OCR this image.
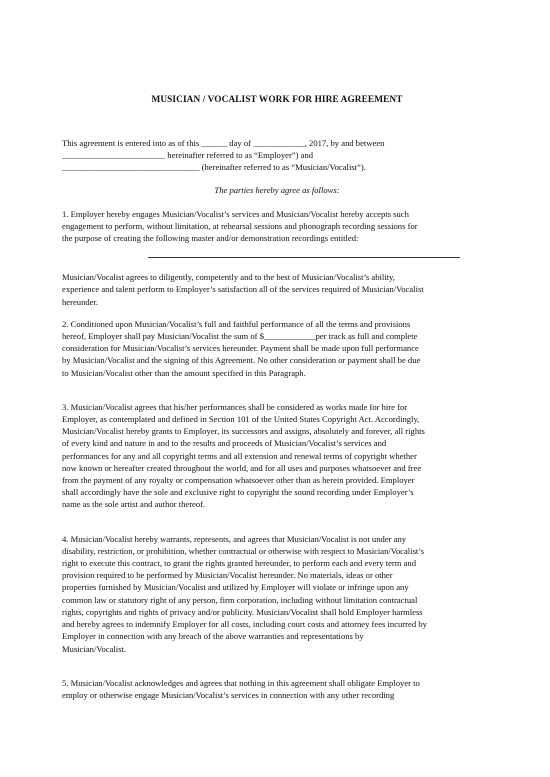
MUSICIAN / VOCALIST WORK FOR HIRE AGREEMENT

This agreement is entered into as of this ______ day of ____________, 2017, by and between
________________________ hereinafter referred to as “Employer”) and
________________________________ (hereinafter referred to as “Musician/Vocalist”).

The parties hereby agree as follows:

1. Employer hereby engages Musician/Vocalist’s services and Musician/Vocalist hereby accepts such
engagement to perform, without limitation, at rehearsal sessions and phonograph recording sessions for
the purpose of creating the following master and/or demonstration recordings entitled:

Musician/Vocalist agrees to diligently, competently and to the best of Musician/Vocalist’s ability,
experience and talent perform to Employer’s satisfaction all of the services required of Musician/Vocalist
hereunder.

2. Conditioned upon Musician/Vocalist’s full and faithful performance of all the terms and provisions
hereof, Employer shall pay Musician/Vocalist the sum of $____________per track as full and complete
consideration for Musician/Vocalist’s services hereunder. Payment shall be made upon full performance
by Musician/Vocalist and the signing of this Agreement. No other consideration or payment shall be due
to Musician/Vocalist other than the amount specified in this Paragraph.

3. Musician/Vocalist agrees that his/her performances shall be considered as works made for hire for
Employer, as contemplated and defined in Section 101 of the United States Copyright Act. Accordingly,
Musician/Vocalist hereby grants to Employer, its successors and assigns, absolutely and forever, all rights
of every kind and nature in and to the results and proceeds of Musician/Vocalist’s services and
performances for any and all copyright terms and all extension and renewal terms of copyright whether
now known or hereafter created throughout the world, and for all uses and purposes whatsoever and free
from the payment of any royalty or compensation whatsoever other than as herein provided. Employer
shall accordingly have the sole and exclusive right to copyright the sound recording under Employer’s
name as the sole artist and author thereof.

4. Musician/Vocalist hereby warrants, represents, and agrees that Musician/Vocalist is not under any
disability, restriction, or prohibition, whether contractual or otherwise with respect to Musician/Vocalist’s
right to execute this contract, to grant the rights granted hereunder, to perform each and every term and
provision required to be performed by Musician/Vocalist hereunder. No materials, ideas or other
properties furnished by Musician/Vocalist and utilized by Employer will violate or infringe upon any
common law or statutory right of any person, firm corporation, including without limitation contractual
rights, copyrights and rights of privacy and/or publicity. Musician/Vocalist shall hold Employer harmless
and hereby agrees to indemnify Employer for all costs, including court costs and attorney fees incurred by
Employer in connection with any breach of the above warranties and representations by
Musician/Vocalist.

5. Musician/Vocalist acknowledges and agrees that nothing in this agreement shall obligate Employer to
employ or otherwise engage Musician/Vocalist’s services in connection with any other recording
